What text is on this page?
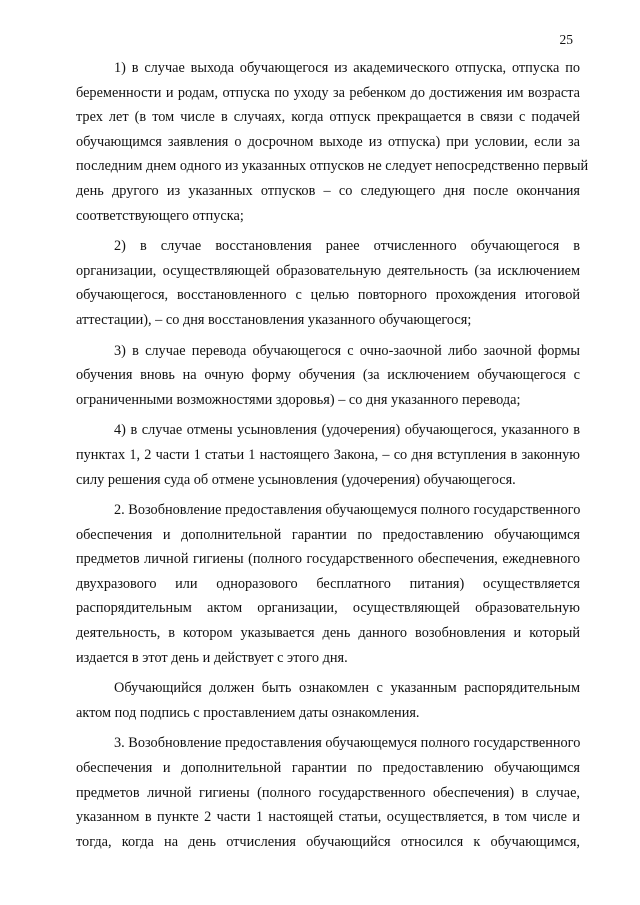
25
1) в случае выхода обучающегося из академического отпуска, отпуска по
беременности и родам, отпуска по уходу за ребенком до достижения им возраста
трех лет (в том числе в случаях, когда отпуск прекращается в связи с подачей
обучающимся заявления о досрочном выходе из отпуска) при условии, если за
последним днем одного из указанных отпусков не следует непосредственно первый
день другого из указанных отпусков – со следующего дня после окончания
соответствующего отпуска;
2) в случае восстановления ранее отчисленного обучающегося в
организации, осуществляющей образовательную деятельность (за исключением
обучающегося, восстановленного с целью повторного прохождения итоговой
аттестации), – со дня восстановления указанного обучающегося;
3) в случае перевода обучающегося с очно-заочной либо заочной формы
обучения вновь на очную форму обучения (за исключением обучающегося с
ограниченными возможностями здоровья) – со дня указанного перевода;
4) в случае отмены усыновления (удочерения) обучающегося, указанного в
пунктах 1, 2 части 1 статьи 1 настоящего Закона, – со дня вступления в законную
силу решения суда об отмене усыновления (удочерения) обучающегося.
2. Возобновление предоставления обучающемуся полного государственного
обеспечения и дополнительной гарантии по предоставлению обучающимся
предметов личной гигиены (полного государственного обеспечения, ежедневного
двухразового или одноразового бесплатного питания) осуществляется
распорядительным актом организации, осуществляющей образовательную
деятельность, в котором указывается день данного возобновления и который
издается в этот день и действует с этого дня.
Обучающийся должен быть ознакомлен с указанным распорядительным
актом под подпись с проставлением даты ознакомления.
3. Возобновление предоставления обучающемуся полного государственного
обеспечения и дополнительной гарантии по предоставлению обучающимся
предметов личной гигиены (полного государственного обеспечения) в случае,
указанном в пункте 2 части 1 настоящей статьи, осуществляется, в том числе и
тогда, когда на день отчисления обучающийся относился к обучающимся,
